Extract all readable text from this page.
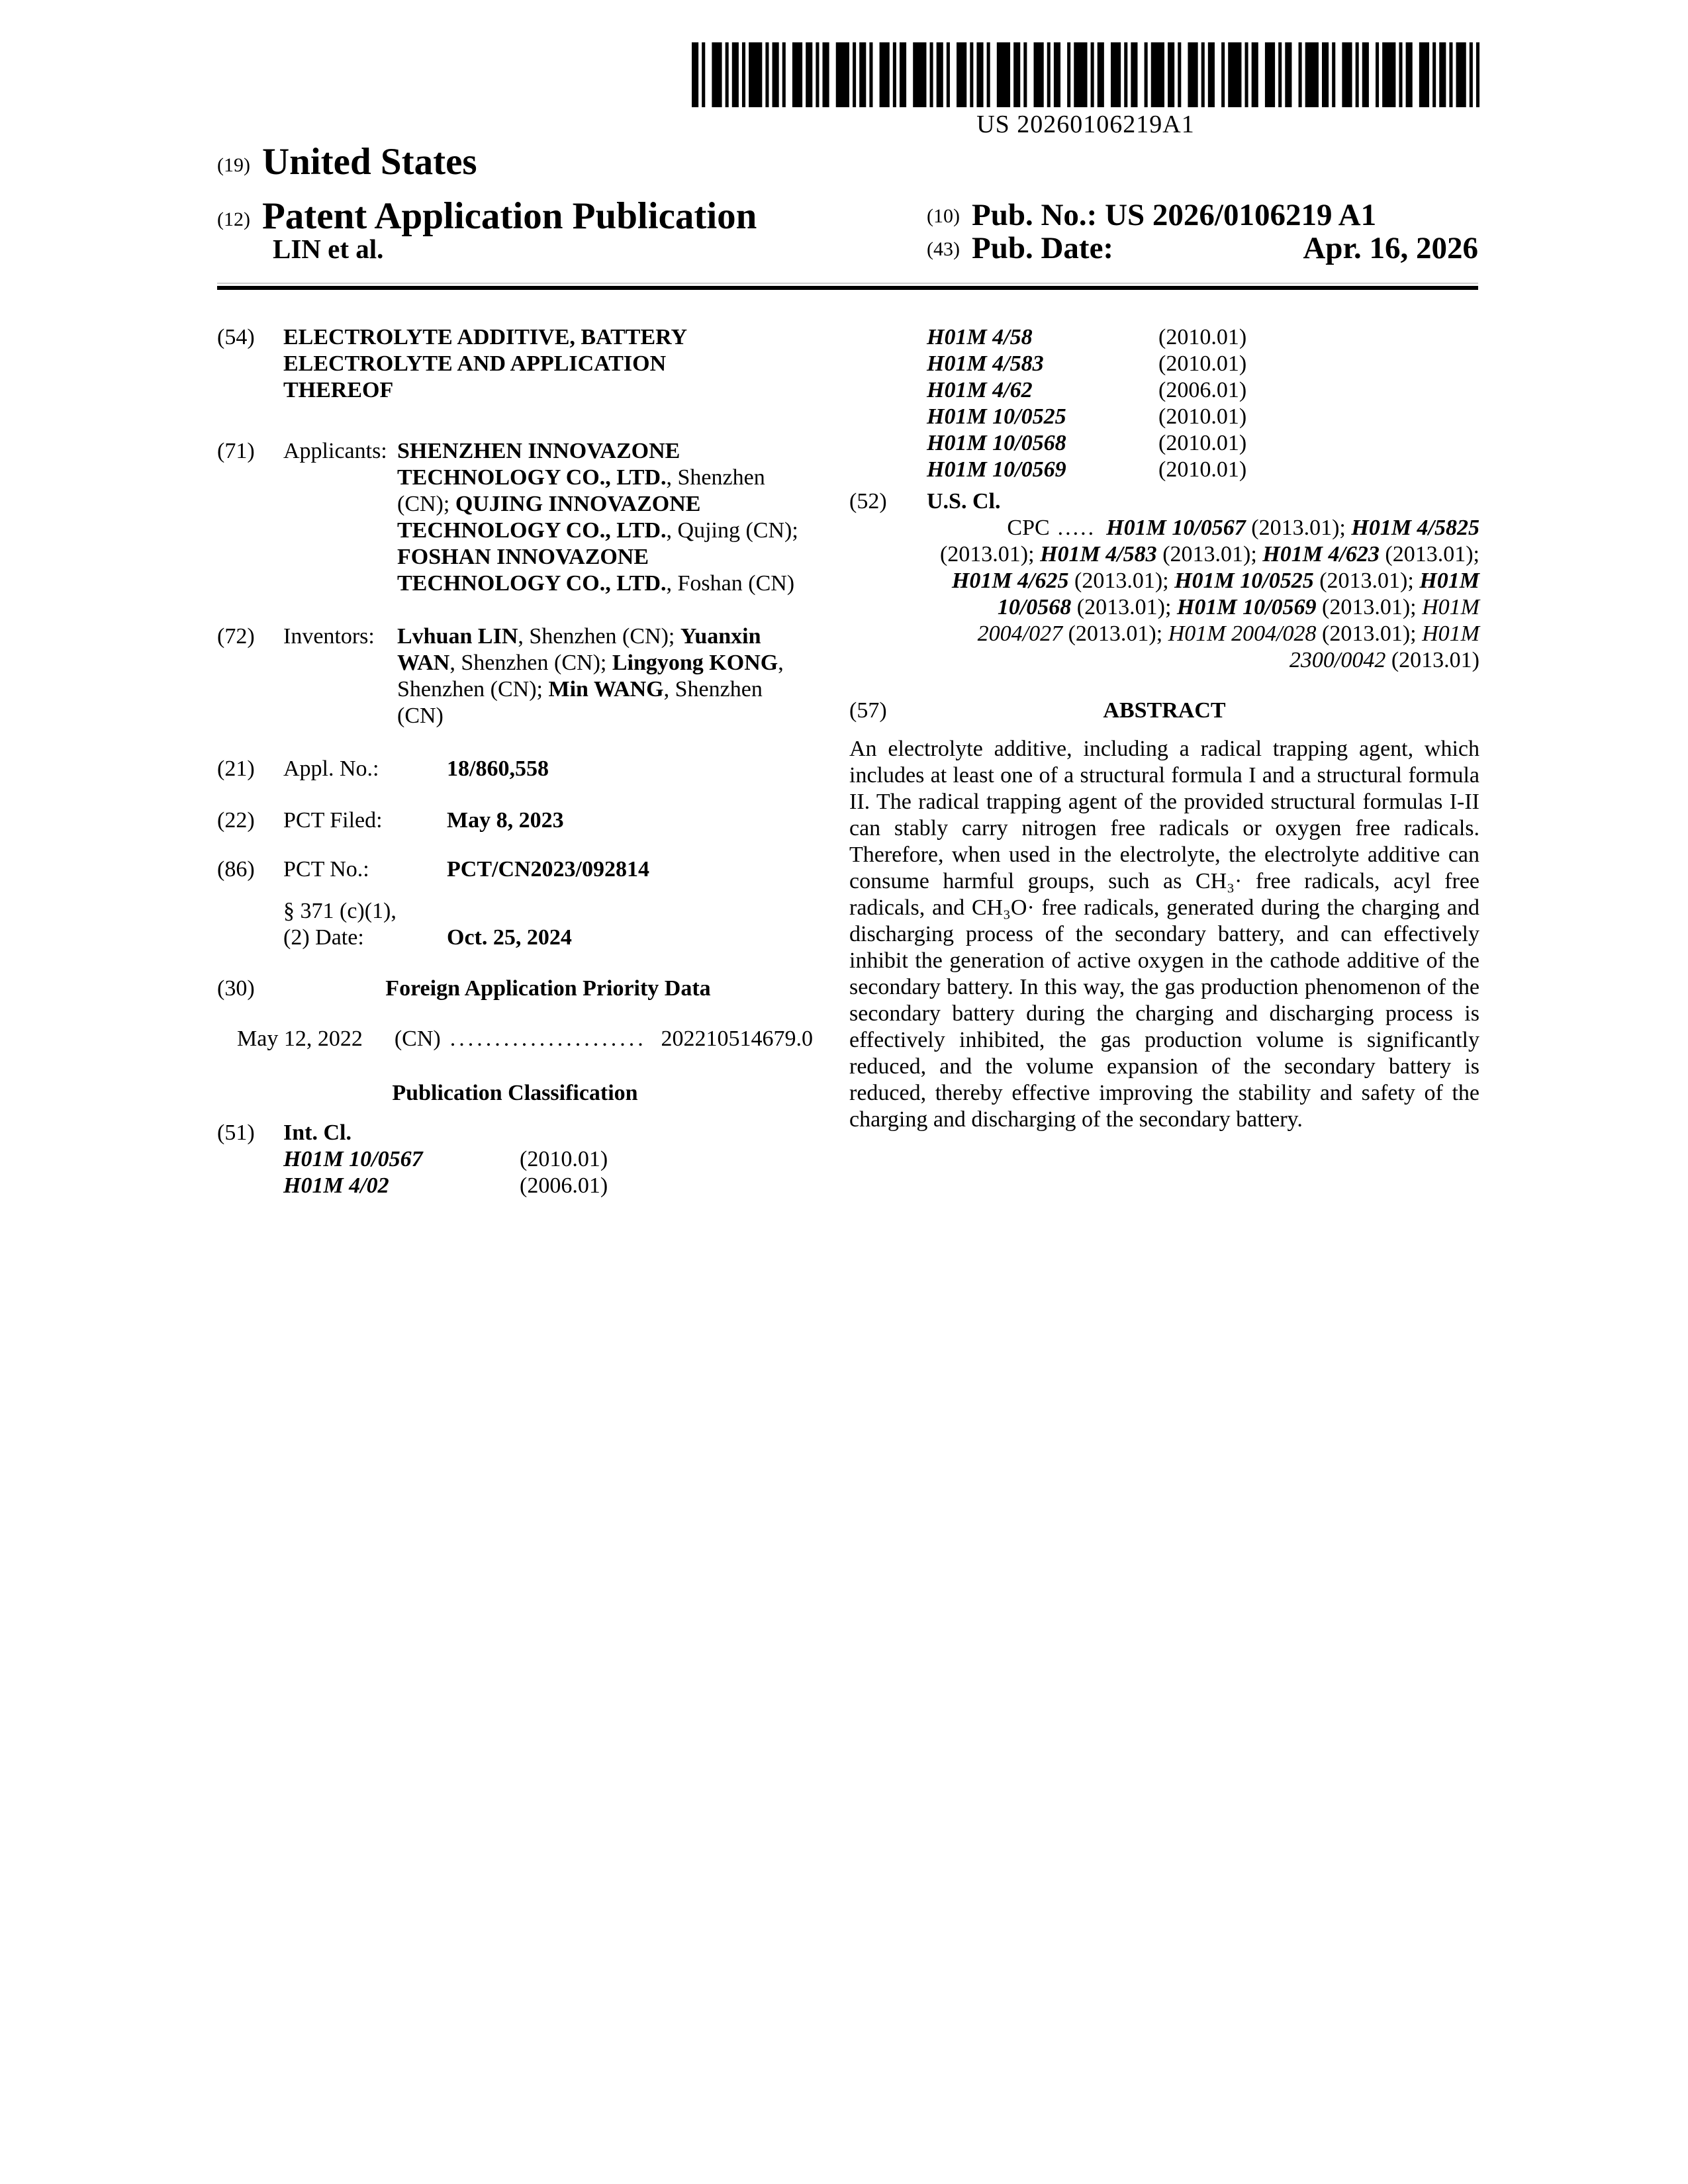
US 20260106219A1
(19) United States
(12) Patent Application Publication
LIN et al.
(10) Pub. No.: US 2026/0106219 A1
(43) Pub. Date:	Apr. 16, 2026
(54)	ELECTROLYTE ADDITIVE, BATTERY ELECTROLYTE AND APPLICATION THEREOF
(71)	Applicants: SHENZHEN INNOVAZONE TECHNOLOGY CO., LTD., Shenzhen (CN); QUJING INNOVAZONE TECHNOLOGY CO., LTD., Qujing (CN); FOSHAN INNOVAZONE TECHNOLOGY CO., LTD., Foshan (CN)
(72)	Inventors:	Lvhuan LIN, Shenzhen (CN); Yuanxin WAN, Shenzhen (CN); Lingyong KONG, Shenzhen (CN); Min WANG, Shenzhen (CN)
(21)	Appl. No.:	18/860,558
(22)	PCT Filed:	May 8, 2023
(86)	PCT No.:	PCT/CN2023/092814
§ 371 (c)(1),
(2) Date:	Oct. 25, 2024
(30)	Foreign Application Priority Data
May 12, 2022 (CN) ...................... 202210514679.0
Publication Classification
(51)	Int. Cl.
H01M 10/0567	(2010.01)
H01M 4/02	(2006.01)
H01M 4/58	(2010.01)
H01M 4/583	(2010.01)
H01M 4/62	(2006.01)
H01M 10/0525	(2010.01)
H01M 10/0568	(2010.01)
H01M 10/0569	(2010.01)
(52)	U.S. Cl.
CPC ..... H01M 10/0567 (2013.01); H01M 4/5825 (2013.01); H01M 4/583 (2013.01); H01M 4/623 (2013.01); H01M 4/625 (2013.01); H01M 10/0525 (2013.01); H01M 10/0568 (2013.01); H01M 10/0569 (2013.01); H01M 2004/027 (2013.01); H01M 2004/028 (2013.01); H01M 2300/0042 (2013.01)
(57)	ABSTRACT
An electrolyte additive, including a radical trapping agent, which includes at least one of a structural formula I and a structural formula II. The radical trapping agent of the provided structural formulas I-II can stably carry nitrogen free radicals or oxygen free radicals. Therefore, when used in the electrolyte, the electrolyte additive can consume harmful groups, such as CH₃· free radicals, acyl free radicals, and CH₃O· free radicals, generated during the charging and discharging process of the secondary battery, and can effectively inhibit the generation of active oxygen in the cathode additive of the secondary battery. In this way, the gas production phenomenon of the secondary battery during the charging and discharging process is effectively inhibited, the gas production volume is significantly reduced, and the volume expansion of the secondary battery is reduced, thereby effective improving the stability and safety of the charging and discharging of the secondary battery.
